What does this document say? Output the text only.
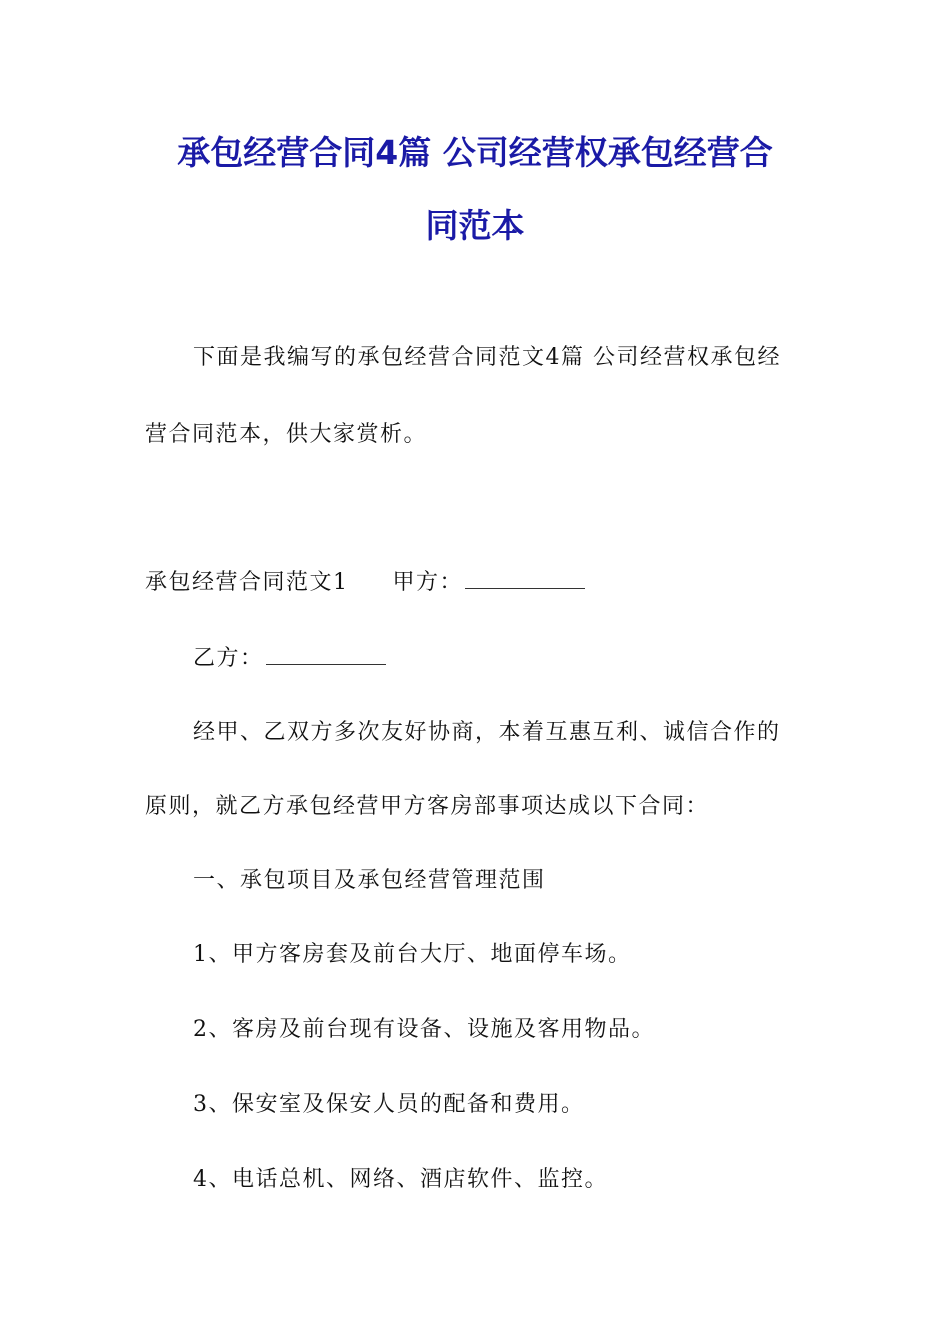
承包经营合同4篇 公司经营权承包经营合
同范本
下面是我编写的承包经营合同范文4篇 公司经营权承包经
营合同范本，供大家赏析。
承包经营合同范文1 甲方：
乙方：
经甲、乙双方多次友好协商，本着互惠互利、诚信合作的
原则，就乙方承包经营甲方客房部事项达成以下合同：
一、承包项目及承包经营管理范围
1、甲方客房套及前台大厅、地面停车场。
2、客房及前台现有设备、设施及客用物品。
3、保安室及保安人员的配备和费用。
4、电话总机、网络、酒店软件、监控。
